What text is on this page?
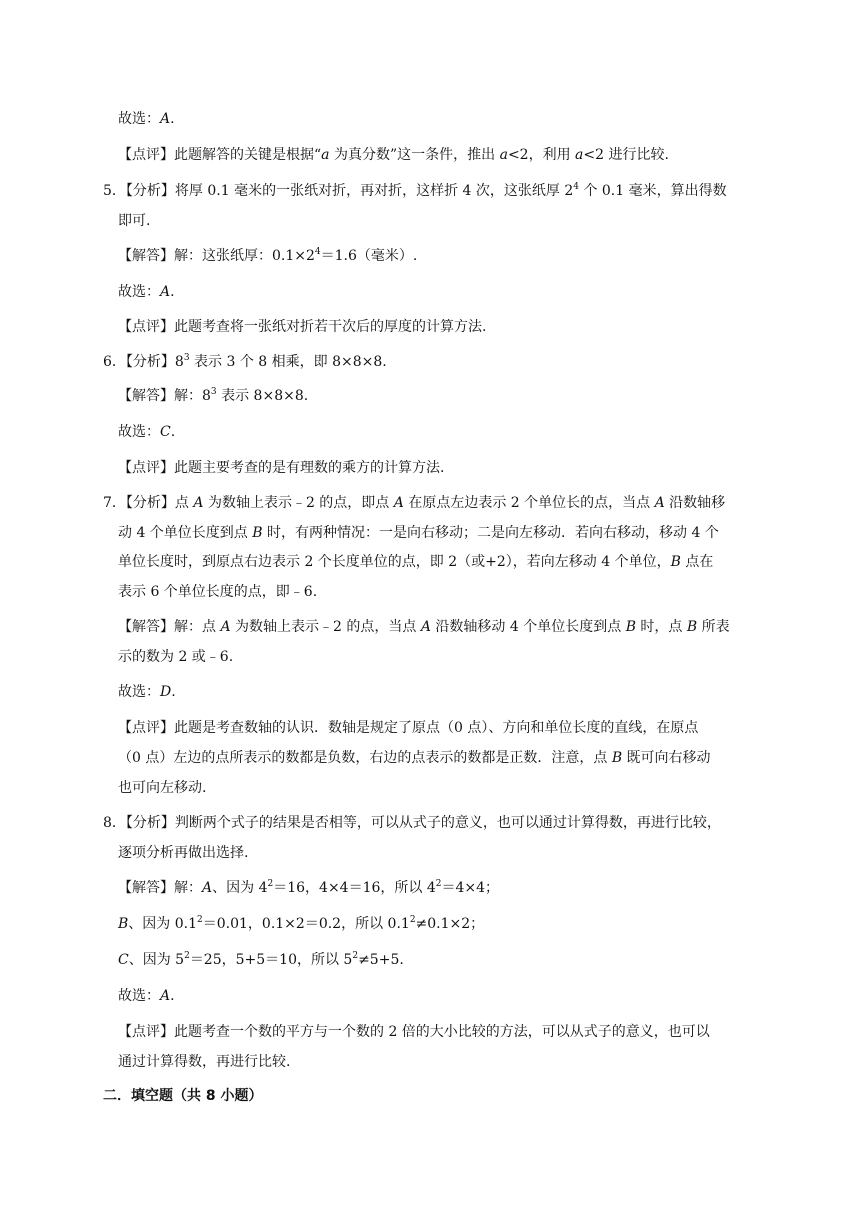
故选：A.
【点评】此题解答的关键是根据“a 为真分数”这一条件，推出 a<2，利用 a<2 进行比较.
5．【分析】将厚 0.1 毫米的一张纸对折，再对折，这样折 4 次，这张纸厚 $2^4$ 个 0.1 毫米，算出得数
即可.
【解答】解：这张纸厚：$0.1\times 2^4=1.6$（毫米）.
故选：A.
【点评】此题考查将一张纸对折若干次后的厚度的计算方法.
6．【分析】$8^3$ 表示 3 个 8 相乘，即 8×8×8.
【解答】解：$8^3$ 表示 8×8×8.
故选：C.
【点评】此题主要考查的是有理数的乘方的计算方法.
7．【分析】点 A 为数轴上表示﹣2 的点，即点 A 在原点左边表示 2 个单位长的点，当点 A 沿数轴移
动 4 个单位长度到点 B 时，有两种情况：一是向右移动；二是向左移动．若向右移动，移动 4 个
单位长度时，到原点右边表示 2 个长度单位的点，即 2（或+2），若向左移动 4 个单位，B 点在
表示 6 个单位长度的点，即﹣6.
【解答】解：点 A 为数轴上表示﹣2 的点，当点 A 沿数轴移动 4 个单位长度到点 B 时，点 B 所表
示的数为 2 或﹣6.
故选：D.
【点评】此题是考查数轴的认识．数轴是规定了原点（0 点）、方向和单位长度的直线，在原点
（0 点）左边的点所表示的数都是负数，右边的点表示的数都是正数．注意，点 B 既可向右移动
也可向左移动.
8．【分析】判断两个式子的结果是否相等，可以从式子的意义，也可以通过计算得数，再进行比较，
逐项分析再做出选择.
【解答】解：A、因为 $4^2=16$，4×4＝16，所以 $4^2=4\times 4$；
B、因为 $0.1^2=0.01$，0.1×2＝0.2，所以 $0.1^2\ne 0.1\times 2$；
C、因为 $5^2=25$，5+5＝10，所以 $5^2\ne 5+5$.
故选：A.
【点评】此题考查一个数的平方与一个数的 2 倍的大小比较的方法，可以从式子的意义，也可以
通过计算得数，再进行比较.
二．填空题（共 8 小题）
